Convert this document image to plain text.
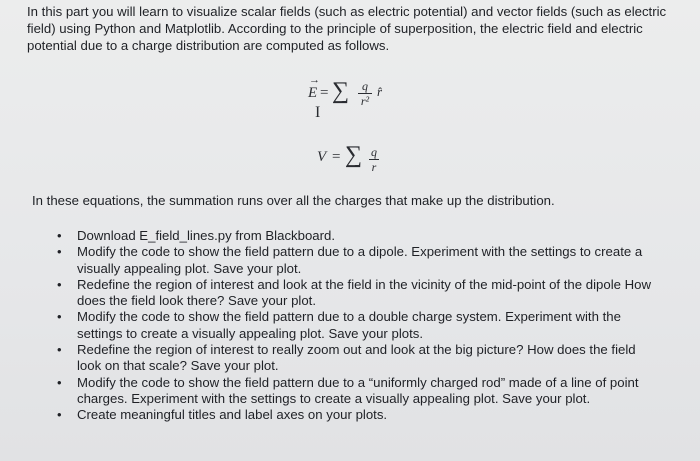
In this part you will learn to visualize scalar fields (such as electric potential) and vector fields (such as electric field) using Python and Matplotlib. According to the principle of superposition, the electric field and electric potential due to a charge distribution are computed as follows.

→
E = ∑	q
r²
r̂
I
V = ∑ q
r

In these equations, the summation runs over all the charges that make up the distribution.

• Download E_field_lines.py from Blackboard.
• Modify the code to show the field pattern due to a dipole. Experiment with the settings to create a visually appealing plot. Save your plot.
• Redefine the region of interest and look at the field in the vicinity of the mid-point of the dipole How does the field look there? Save your plot.
• Modify the code to show the field pattern due to a double charge system. Experiment with the settings to create a visually appealing plot. Save your plots.
• Redefine the region of interest to really zoom out and look at the big picture? How does the field look on that scale? Save your plot.
• Modify the code to show the field pattern due to a “uniformly charged rod” made of a line of point charges. Experiment with the settings to create a visually appealing plot. Save your plot.
• Create meaningful titles and label axes on your plots.
